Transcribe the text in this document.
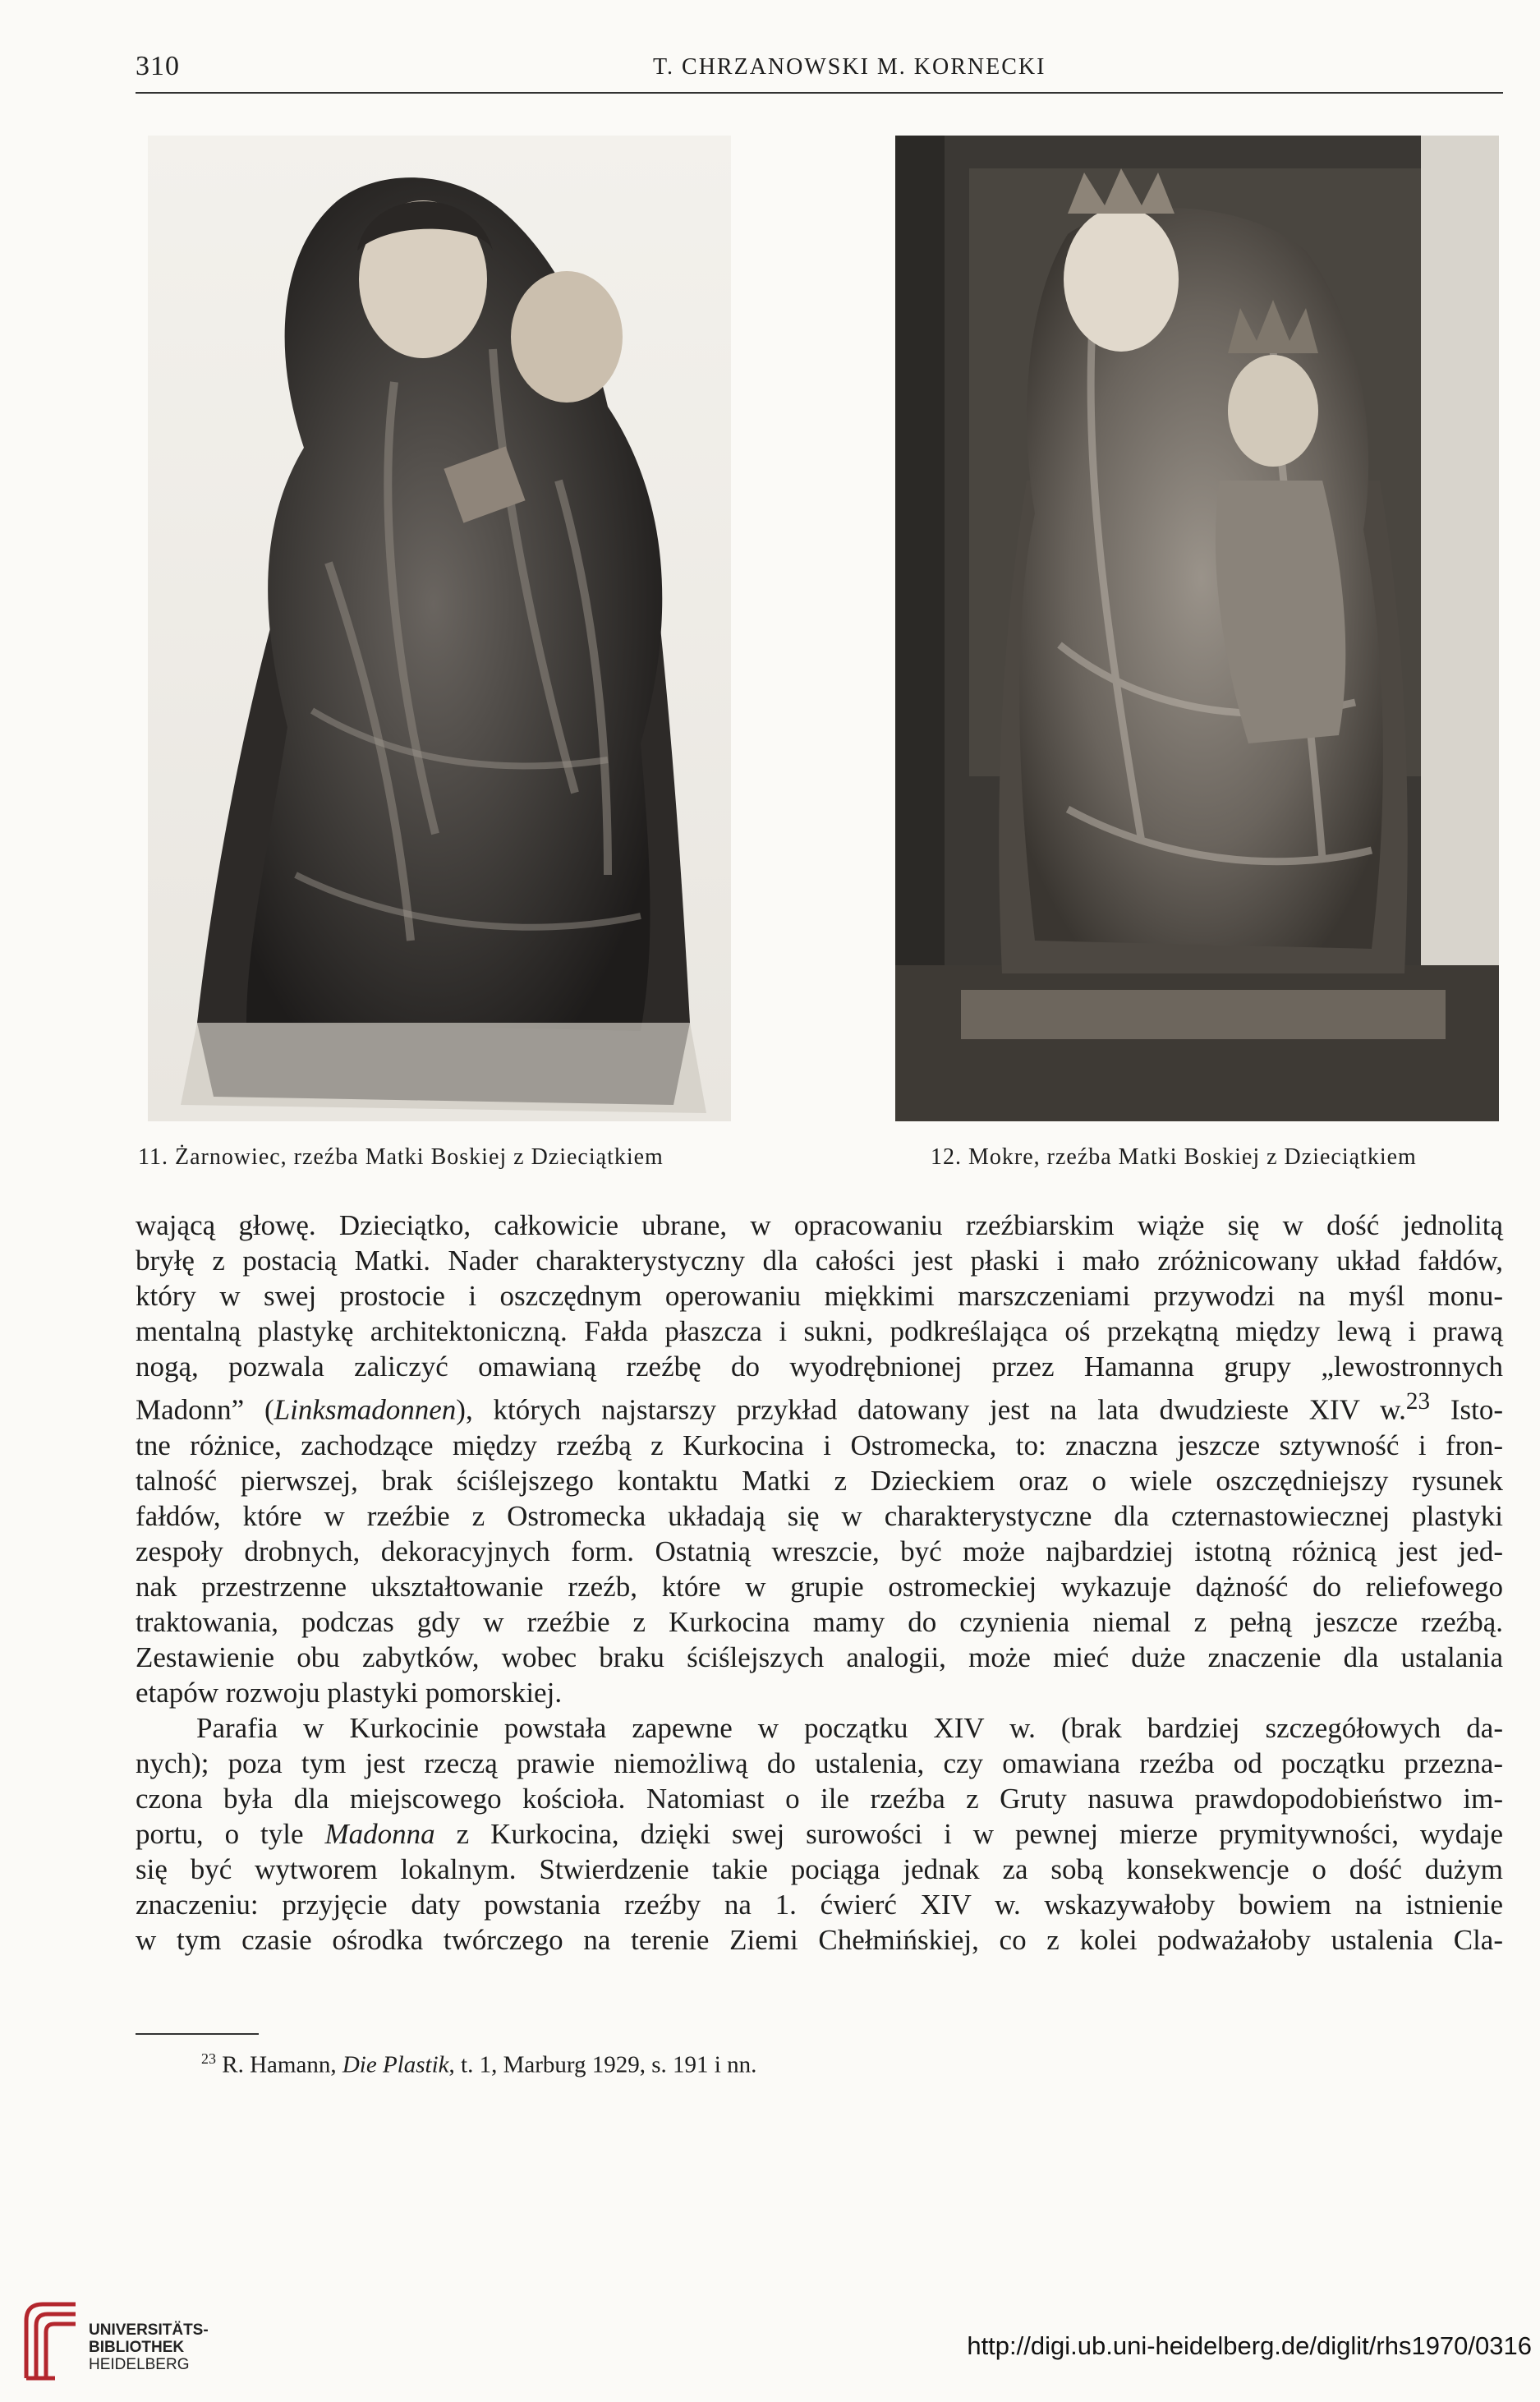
310	T. CHRZANOWSKI M. KORNECKI
11. Żarnowiec, rzeźba Matki Boskiej z Dzieciątkiem	12. Mokre, rzeźba Matki Boskiej z Dzieciątkiem

wającą głowę. Dzieciątko, całkowicie ubrane, w opracowaniu rzeźbiarskim wiąże się w dość jednolitą

bryłę z postacią Matki. Nader charakterystyczny dla całości jest płaski i mało zróżnicowany układ fałdów,

który w swej prostocie i oszczędnym operowaniu miękkimi marszczeniami przywodzi na myśl monu-

mentalną plastykę architektoniczną. Fałda płaszcza i sukni, podkreślająca oś przekątną między lewą i prawą

nogą, pozwala zaliczyć omawianą rzeźbę do wyodrębnionej przez Hamanna grupy „lewostronnych

Madonn” (Linksmadonnen), których najstarszy przykład datowany jest na lata dwudzieste XIV w.$^{23}$ Isto-

tne różnice, zachodzące między rzeźbą z Kurkocina i Ostromecka, to: znaczna jeszcze sztywność i fron-

talność pierwszej, brak ściślejszego kontaktu Matki z Dzieckiem oraz o wiele oszczędniejszy rysunek

fałdów, które w rzeźbie z Ostromecka układają się w charakterystyczne dla czternastowiecznej plastyki

zespoły drobnych, dekoracyjnych form. Ostatnią wreszcie, być może najbardziej istotną różnicą jest jed-

nak przestrzenne ukształtowanie rzeźb, które w grupie ostromeckiej wykazuje dążność do reliefowego

traktowania, podczas gdy w rzeźbie z Kurkocina mamy do czynienia niemal z pełną jeszcze rzeźbą.

Zestawienie obu zabytków, wobec braku ściślejszych analogii, może mieć duże znaczenie dla ustalania

etapów rozwoju plastyki pomorskiej.

Parafia w Kurkocinie powstała zapewne w początku XIV w. (brak bardziej szczegółowych da-

nych); poza tym jest rzeczą prawie niemożliwą do ustalenia, czy omawiana rzeźba od początku przezna-

czona była dla miejscowego kościoła. Natomiast o ile rzeźba z Gruty nasuwa prawdopodobieństwo im-

portu, o tyle Madonna z Kurkocina, dzięki swej surowości i w pewnej mierze prymitywności, wydaje

się być wytworem lokalnym. Stwierdzenie takie pociąga jednak za sobą konsekwencje o dość dużym

znaczeniu: przyjęcie daty powstania rzeźby na 1. ćwierć XIV w. wskazywałoby bowiem na istnienie

w tym czasie ośrodka twórczego na terenie Ziemi Chełmińskiej, co z kolei podważałoby ustalenia Cla-

$^{23}$ R. Hamann, Die Plastik, t. 1, Marburg 1929, s. 191 i nn.
UNIVERSITÄTS-
BIBLIOTHEK
HEIDELBERG
http://digi.ub.uni-heidelberg.de/diglit/rhs1970/0316
